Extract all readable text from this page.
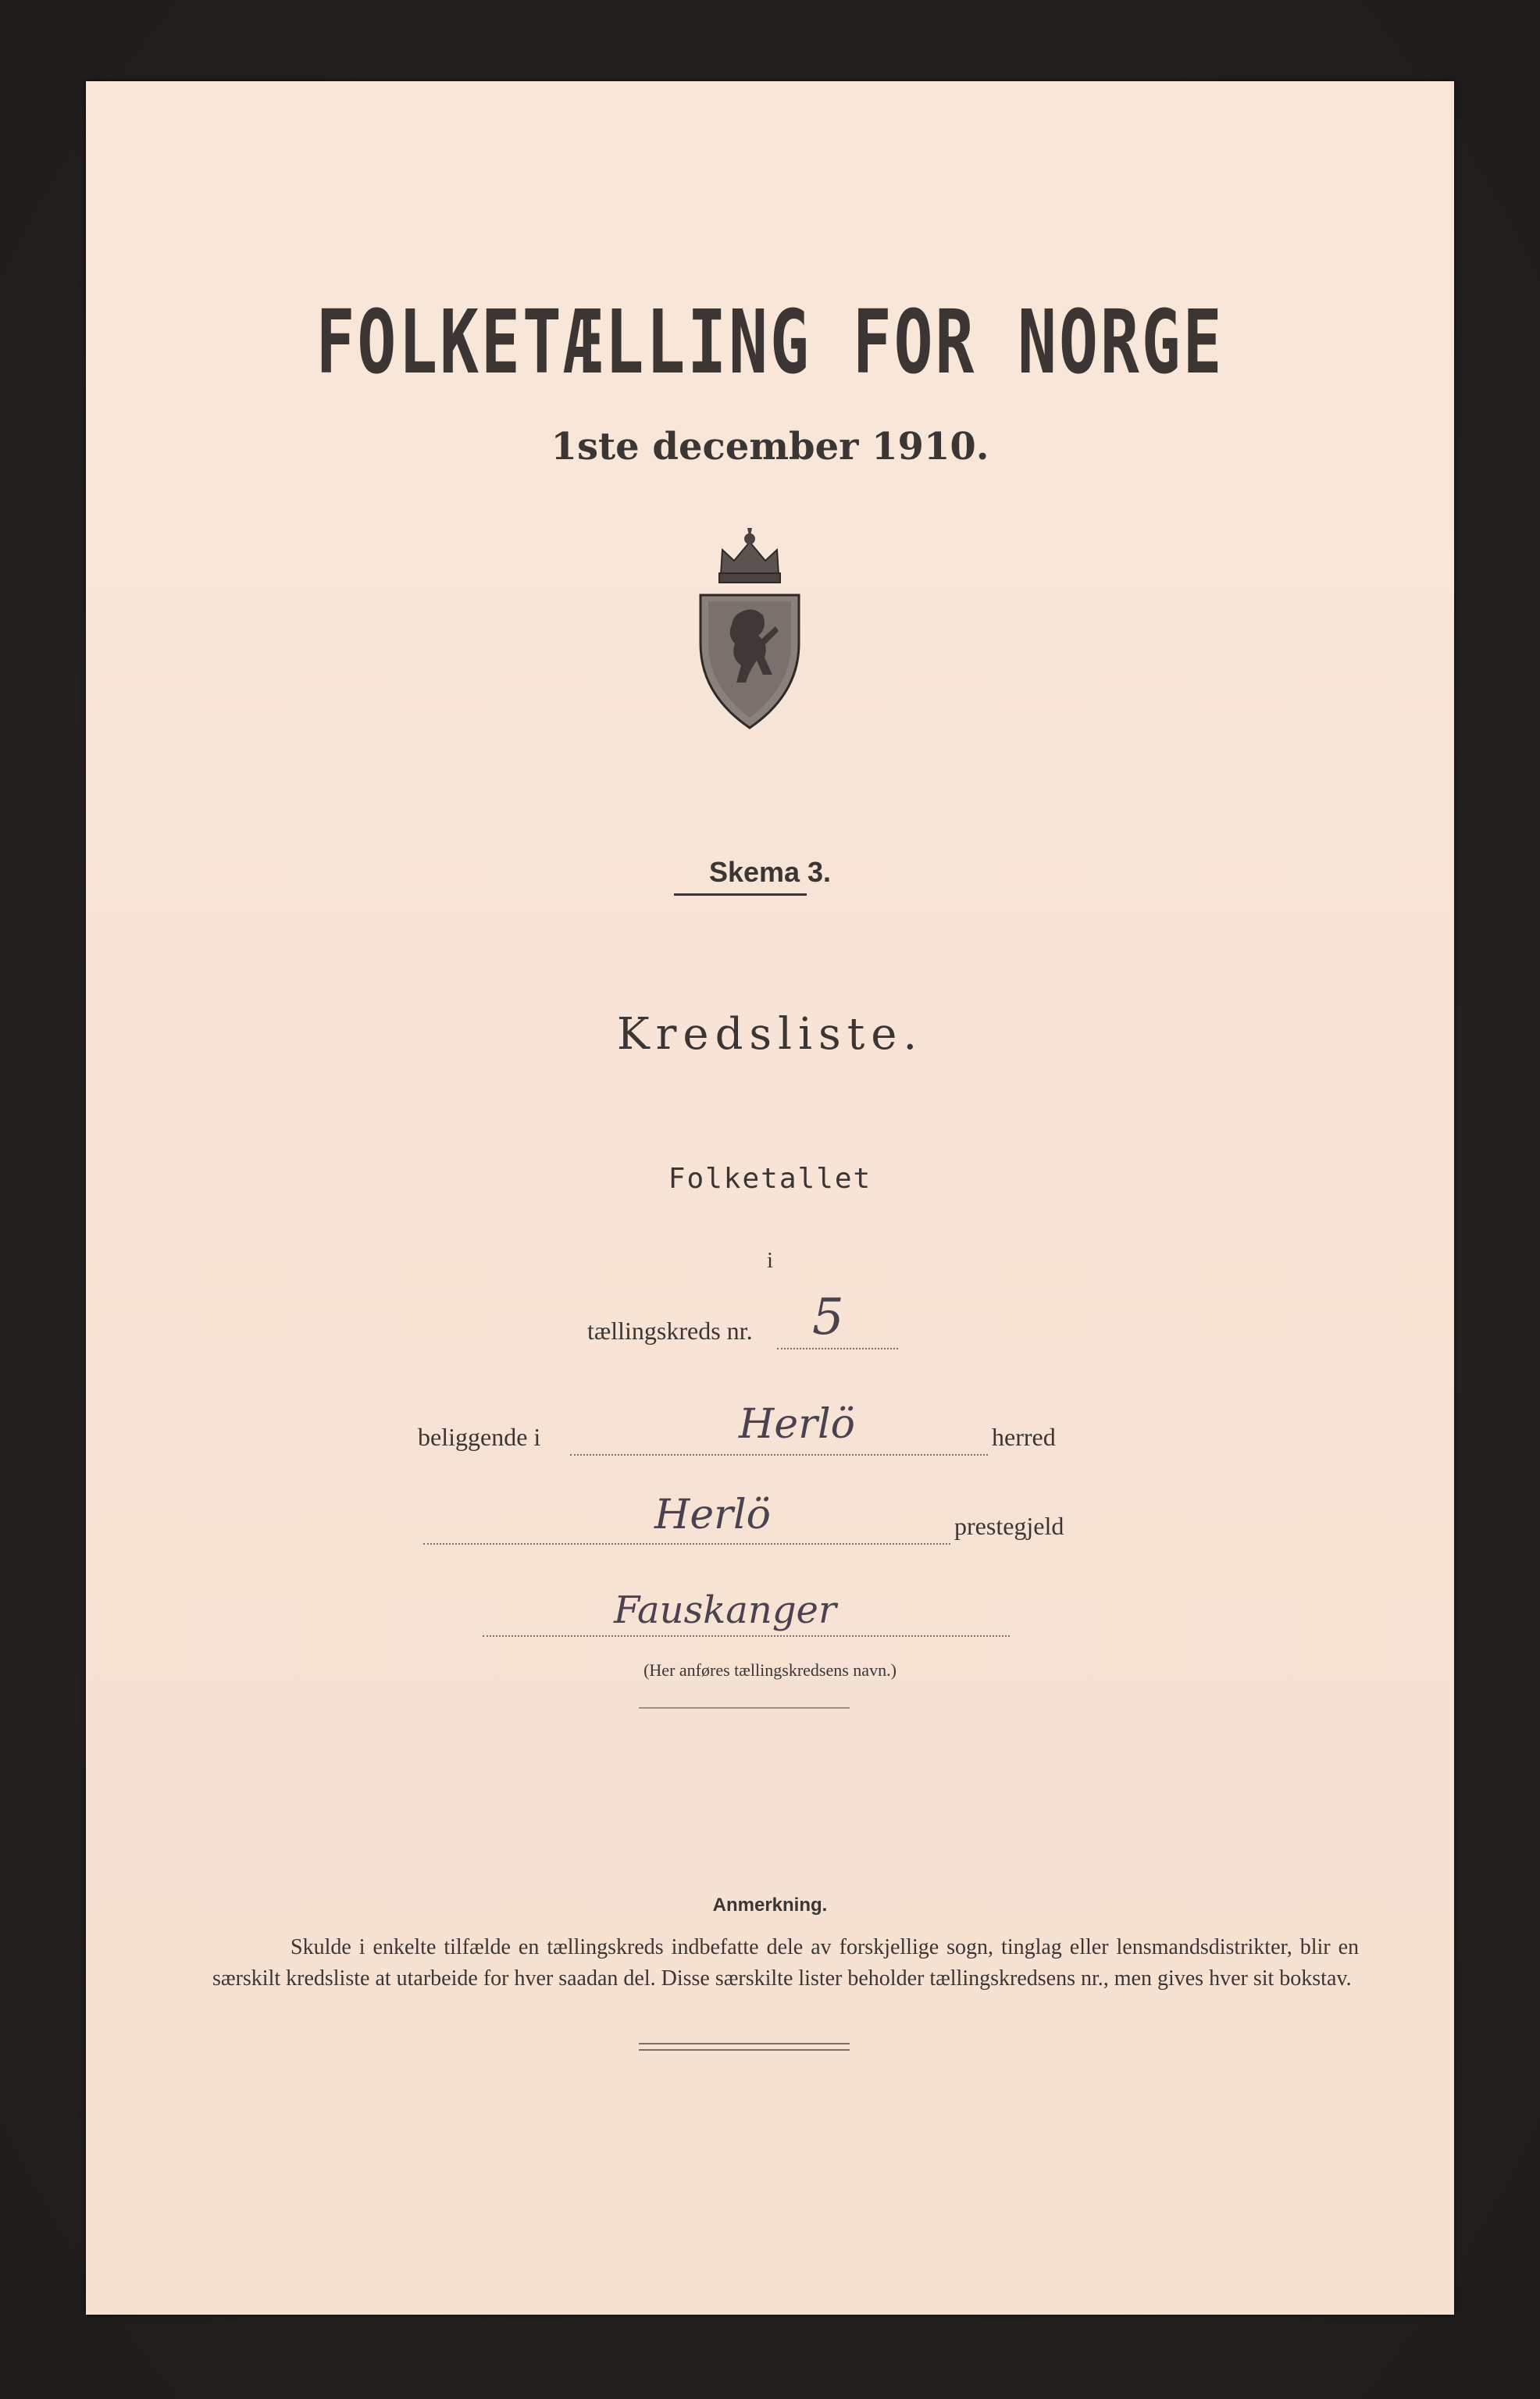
FOLKETÆLLING FOR NORGE
1ste december 1910.
Skema 3.
Kredsliste.
Folketallet
i
tællingskreds nr. 5
beliggende i	Herlö	herred
Herlö	prestegjeld
Fauskanger
(Her anføres tællingskredsens navn.)
Anmerkning.
Skulde i enkelte tilfælde en tællingskreds indbefatte dele av forskjellige sogn, tinglag eller lensmandsdistrikter, blir en særskilt kredsliste at utarbeide for hver saadan del. Disse særskilte lister beholder tællingskredsens nr., men gives hver sit bokstav.
